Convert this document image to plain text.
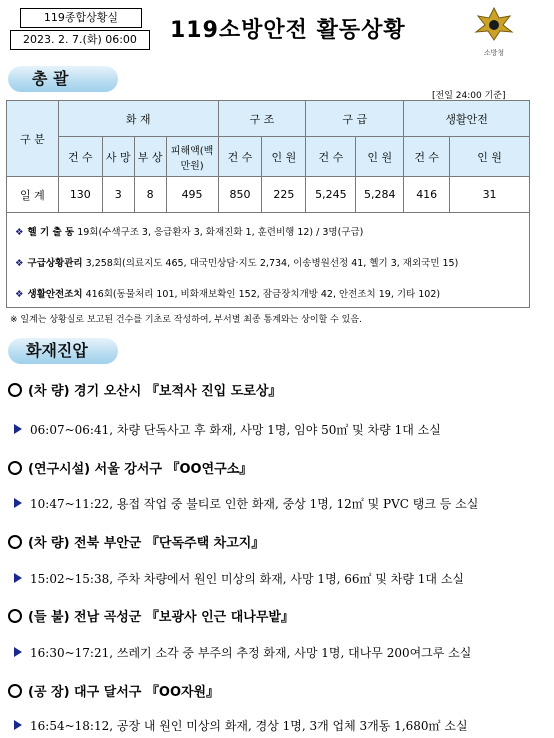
119종합상황실
2023. 2. 7.(화) 06:00	119소방안전 활동상황
소방청
총 괄
[전일 24:00 기준]
구 분	화 재				구 조		구 급		생활안전	
	건 수	사 망	부 상	피해액(백만원)	건 수	인 원	건 수	인 원	건 수	인 원
일 계	130	3	8	495	850	225	5,245	5,284	416	31
❖ 헬 기 출 동 19회(수색구조 3, 응급환자 3, 화재진화 1, 훈련비행 12) / 3명(구급)
❖ 구급상황관리 3,258회(의료지도 465, 대국민상담·지도 2,734, 이송병원선정 41, 헬기 3, 재외국민 15)
❖ 생활안전조치 416회(동물처리 101, 비화재보확인 152, 잠금장치개방 42, 안전조치 19, 기타 102)
※ 일계는 상황실로 보고된 건수를 기초로 작성하여, 부서별 최종 통계와는 상이할 수 있음.
화재진압
(차 량) 경기 오산시 『보적사 진입 도로상』
06:07~06:41, 차량 단독사고 후 화재, 사망 1명, 임야 50㎡ 및 차량 1대 소실
(연구시설) 서울 강서구 『OO연구소』
10:47~11:22, 용접 작업 중 불티로 인한 화재, 중상 1명, 12㎡ 및 PVC 탱크 등 소실
(차 량) 전북 부안군 『단독주택 차고지』
15:02~15:38, 주차 차량에서 원인 미상의 화재, 사망 1명, 66㎡ 및 차량 1대 소실
(들 불) 전남 곡성군 『보광사 인근 대나무밭』
16:30~17:21, 쓰레기 소각 중 부주의 추정 화재, 사망 1명, 대나무 200여그루 소실
(공 장) 대구 달서구 『OO자원』
16:54~18:12, 공장 내 원인 미상의 화재, 경상 1명, 3개 업체 3개동 1,680㎡ 소실
